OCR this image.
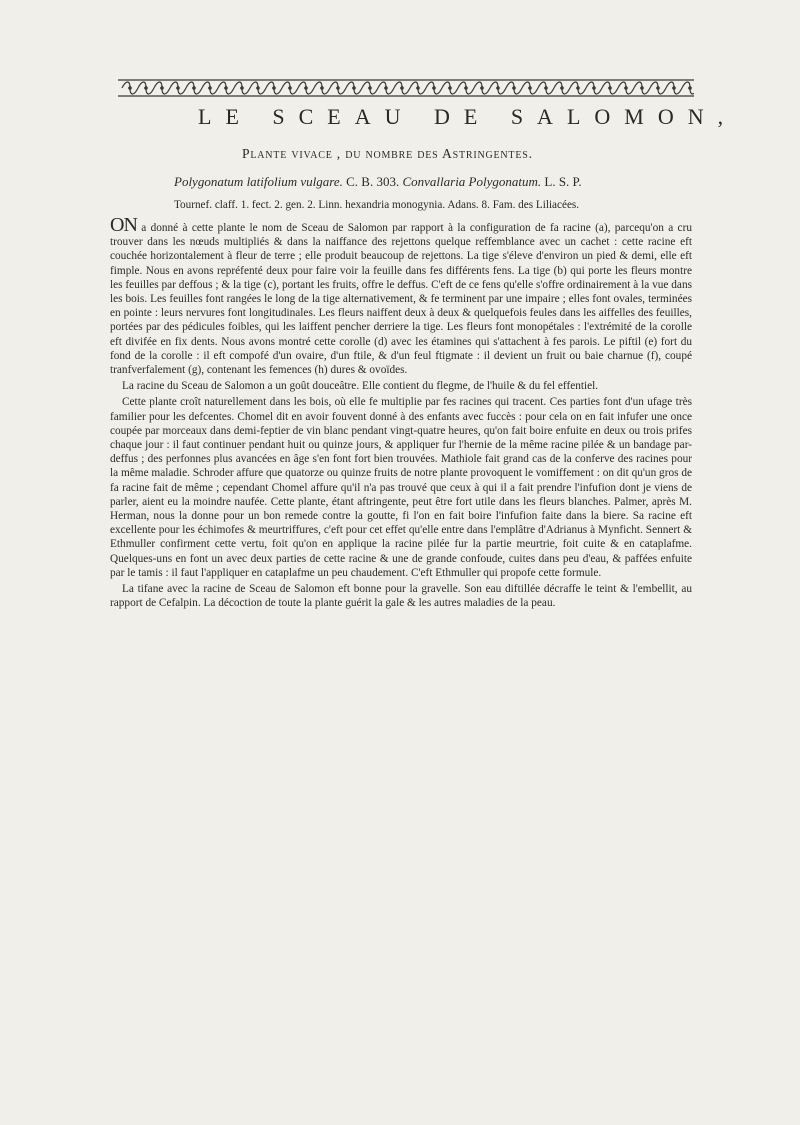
LE SCEAU DE SALOMON,
Plante vivace , du nombre des Astringentes.
Polygonatum latifolium vulgare. C. B. 303. Convallaria Polygonatum. L. S. P.
Tournef. claff. 1. fect. 2. gen. 2. Linn. hexandria monogynia. Adans. 8. Fam. des Liliacées.

ON a donné à cette plante le nom de Sceau de Salomon par rapport à la configuration de fa racine (a), parcequ'on a cru trouver dans les nœuds multipliés & dans la naiffance des rejettons quelque reffemblance avec un cachet : cette racine eft couchée horizontalement à fleur de terre ; elle produit beaucoup de rejettons. La tige s'éleve d'environ un pied & demi, elle eft fimple. Nous en avons repréfenté deux pour faire voir la feuille dans fes différents fens. La tige (b) qui porte les fleurs montre les feuilles par deffous ; & la tige (c), portant les fruits, offre le deffus. C'eft de ce fens qu'elle s'offre ordinairement à la vue dans les bois. Les feuilles font rangées le long de la tige alternativement, & fe terminent par une impaire ; elles font ovales, terminées en pointe : leurs nervures font longitudinales. Les fleurs naiffent deux à deux & quelquefois feules dans les aiffelles des feuilles, portées par des pédicules foibles, qui les laiffent pencher derriere la tige. Les fleurs font monopétales : l'extrémité de la corolle eft divifée en fix dents. Nous avons montré cette corolle (d) avec les étamines qui s'attachent à fes parois. Le piftil (e) fort du fond de la corolle : il eft compofé d'un ovaire, d'un ftile, & d'un feul ftigmate : il devient un fruit ou baie charnue (f), coupé tranfverfalement (g), contenant les femences (h) dures & ovoïdes.

La racine du Sceau de Salomon a un goût douceâtre. Elle contient du flegme, de l'huile & du fel effentiel.

Cette plante croît naturellement dans les bois, où elle fe multiplie par fes racines qui tracent. Ces parties font d'un ufage très familier pour les defcentes. Chomel dit en avoir fouvent donné à des enfants avec fuccès : pour cela on en fait infufer une once coupée par morceaux dans demi-feptier de vin blanc pendant vingt-quatre heures, qu'on fait boire enfuite en deux ou trois prifes chaque jour : il faut continuer pendant huit ou quinze jours, & appliquer fur l'hernie de la même racine pilée & un bandage par-deffus ; des perfonnes plus avancées en âge s'en font fort bien trouvées. Mathiole fait grand cas de la conferve des racines pour la même maladie. Schroder affure que quatorze ou quinze fruits de notre plante provoquent le vomiffement : on dit qu'un gros de fa racine fait de même ; cependant Chomel affure qu'il n'a pas trouvé que ceux à qui il a fait prendre l'infufion dont je viens de parler, aient eu la moindre naufée. Cette plante, étant aftringente, peut être fort utile dans les fleurs blanches. Palmer, après M. Herman, nous la donne pour un bon remede contre la goutte, fi l'on en fait boire l'infufion faite dans la biere. Sa racine eft excellente pour les échimofes & meurtriffures, c'eft pour cet effet qu'elle entre dans l'emplâtre d'Adrianus à Mynficht. Sennert & Ethmuller confirment cette vertu, foit qu'on en applique la racine pilée fur la partie meurtrie, foit cuite & en cataplafme. Quelques-uns en font un avec deux parties de cette racine & une de grande confoude, cuites dans peu d'eau, & paffées enfuite par le tamis : il faut l'appliquer en cataplafme un peu chaudement. C'eft Ethmuller qui propofe cette formule.

La tifane avec la racine de Sceau de Salomon eft bonne pour la gravelle. Son eau diftillée décraffe le teint & l'embellit, au rapport de Cefalpin. La décoction de toute la plante guérit la gale & les autres maladies de la peau.
